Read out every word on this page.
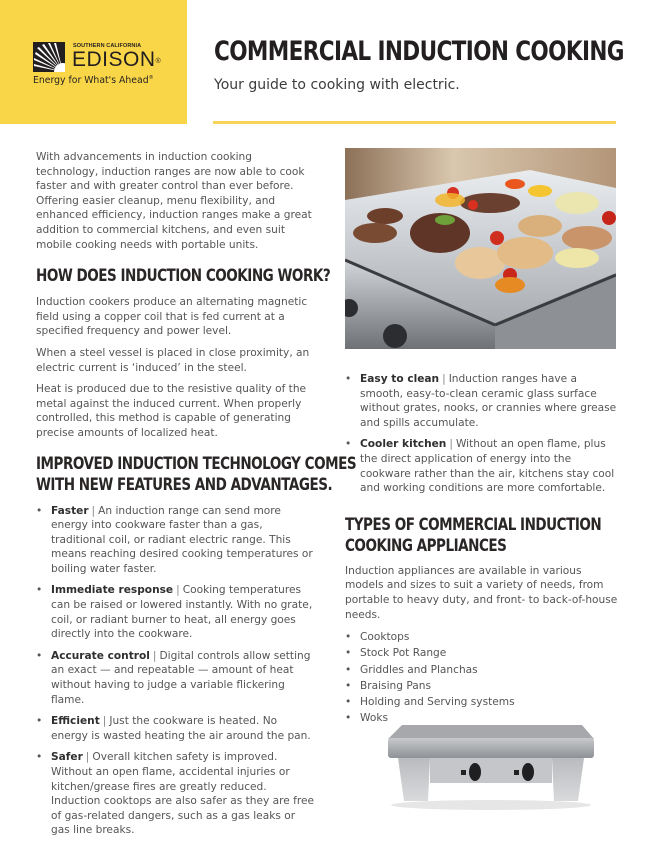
SOUTHERN CALIFORNIA
EDISON®
Energy for What's Ahead®
COMMERCIAL INDUCTION COOKING
Your guide to cooking with electric.

With advancements in induction cooking technology, induction ranges are now able to cook faster and with greater control than ever before. Offering easier cleanup, menu flexibility, and enhanced efficiency, induction ranges make a great addition to commercial kitchens, and even suit mobile cooking needs with portable units.

HOW DOES INDUCTION COOKING WORK?

Induction cookers produce an alternating magnetic field using a copper coil that is fed current at a specified frequency and power level.

When a steel vessel is placed in close proximity, an electric current is ‘induced’ in the steel.

Heat is produced due to the resistive quality of the metal against the induced current. When properly controlled, this method is capable of generating precise amounts of localized heat.

IMPROVED INDUCTION TECHNOLOGY COMES
WITH NEW FEATURES AND ADVANTAGES.
• Faster | An induction range can send more energy into cookware faster than a gas, traditional coil, or radiant electric range. This means reaching desired cooking temperatures or boiling water faster.
• Immediate response | Cooking temperatures can be raised or lowered instantly. With no grate, coil, or radiant burner to heat, all energy goes directly into the cookware.
• Accurate control | Digital controls allow setting an exact — and repeatable — amount of heat without having to judge a variable flickering flame.
• Efficient | Just the cookware is heated. No energy is wasted heating the air around the pan.
• Safer | Overall kitchen safety is improved. Without an open flame, accidental injuries or kitchen/grease fires are greatly reduced. Induction cooktops are also safer as they are free of gas-related dangers, such as a gas leaks or gas line breaks.
• Easy to clean | Induction ranges have a smooth, easy-to-clean ceramic glass surface without grates, nooks, or crannies where grease and spills accumulate.
• Cooler kitchen | Without an open flame, plus the direct application of energy into the cookware rather than the air, kitchens stay cool and working conditions are more comfortable.
TYPES OF COMMERCIAL INDUCTION
COOKING APPLIANCES

Induction appliances are available in various models and sizes to suit a variety of needs, from portable to heavy duty, and front- to back-of-house needs.

• Cooktops
• Stock Pot Range
• Griddles and Planchas
• Braising Pans
• Holding and Serving systems
• Woks
